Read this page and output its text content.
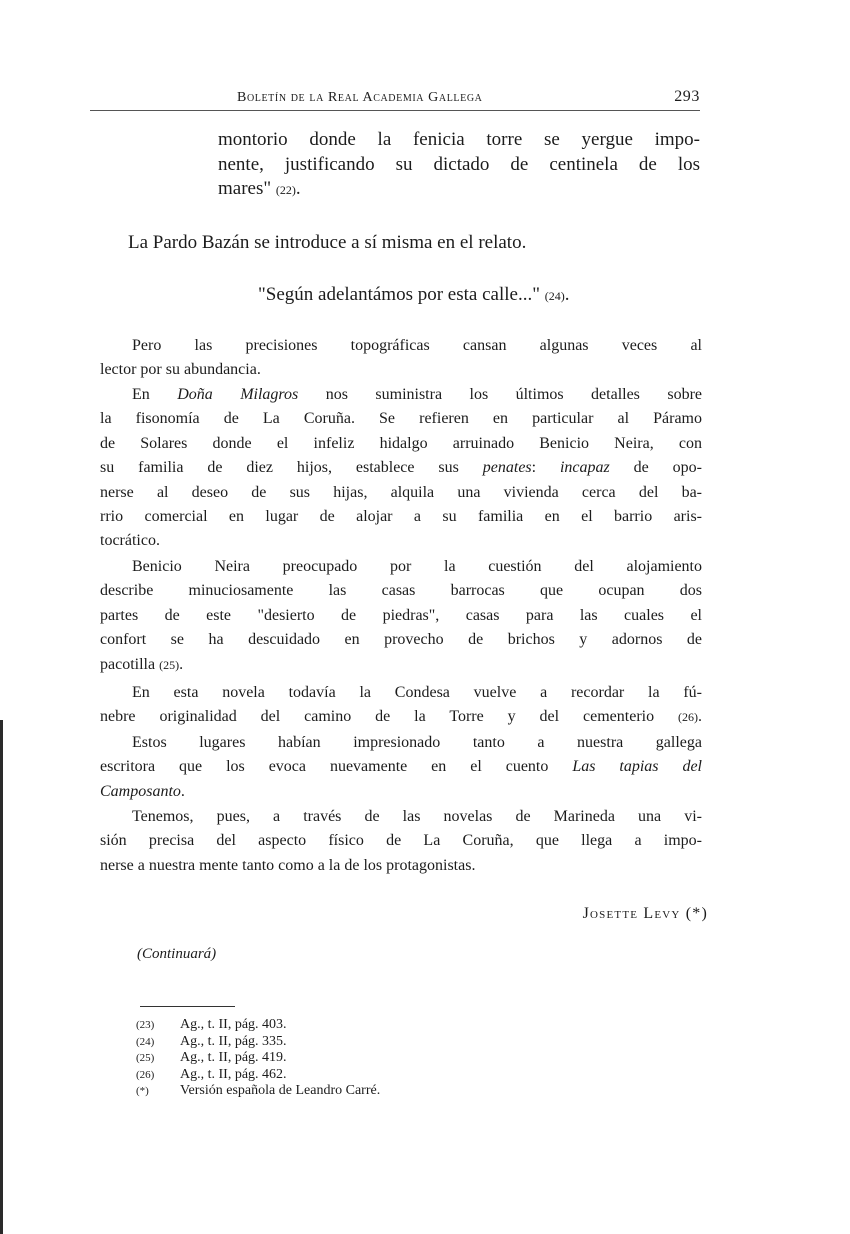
Boletín de la Real Academia Gallega	293
montorio donde la fenicia torre se yergue impo-
nente, justificando su dictado de centinela de los
mares" (22).
La Pardo Bazán se introduce a sí misma en el relato.
"Según adelantámos por esta calle..." (24).
Pero las precisiones topográficas cansan algunas veces al
lector por su abundancia.
En Doña Milagros nos suministra los últimos detalles sobre
la fisonomía de La Coruña. Se refieren en particular al Páramo
de Solares donde el infeliz hidalgo arruinado Benicio Neira, con
su familia de diez hijos, establece sus penates: incapaz de opo-
nerse al deseo de sus hijas, alquila una vivienda cerca del ba-
rrio comercial en lugar de alojar a su familia en el barrio aris-
tocrático.
Benicio Neira preocupado por la cuestión del alojamiento
describe minuciosamente las casas barrocas que ocupan dos
partes de este "desierto de piedras", casas para las cuales el
confort se ha descuidado en provecho de brichos y adornos de
pacotilla (25).
En esta novela todavía la Condesa vuelve a recordar la fú-
nebre originalidad del camino de la Torre y del cementerio (26).
Estos lugares habían impresionado tanto a nuestra gallega
escritora que los evoca nuevamente en el cuento Las tapias del
Camposanto.
Tenemos, pues, a través de las novelas de Marineda una vi-
sión precisa del aspecto físico de La Coruña, que llega a impo-
nerse a nuestra mente tanto como a la de los protagonistas.
Josette Levy (*)
(Continuará)
(23) Ag., t. II, pág. 403.
(24) Ag., t. II, pág. 335.
(25) Ag., t. II, pág. 419.
(26) Ag., t. II, pág. 462.
(*) Versión española de Leandro Carré.
